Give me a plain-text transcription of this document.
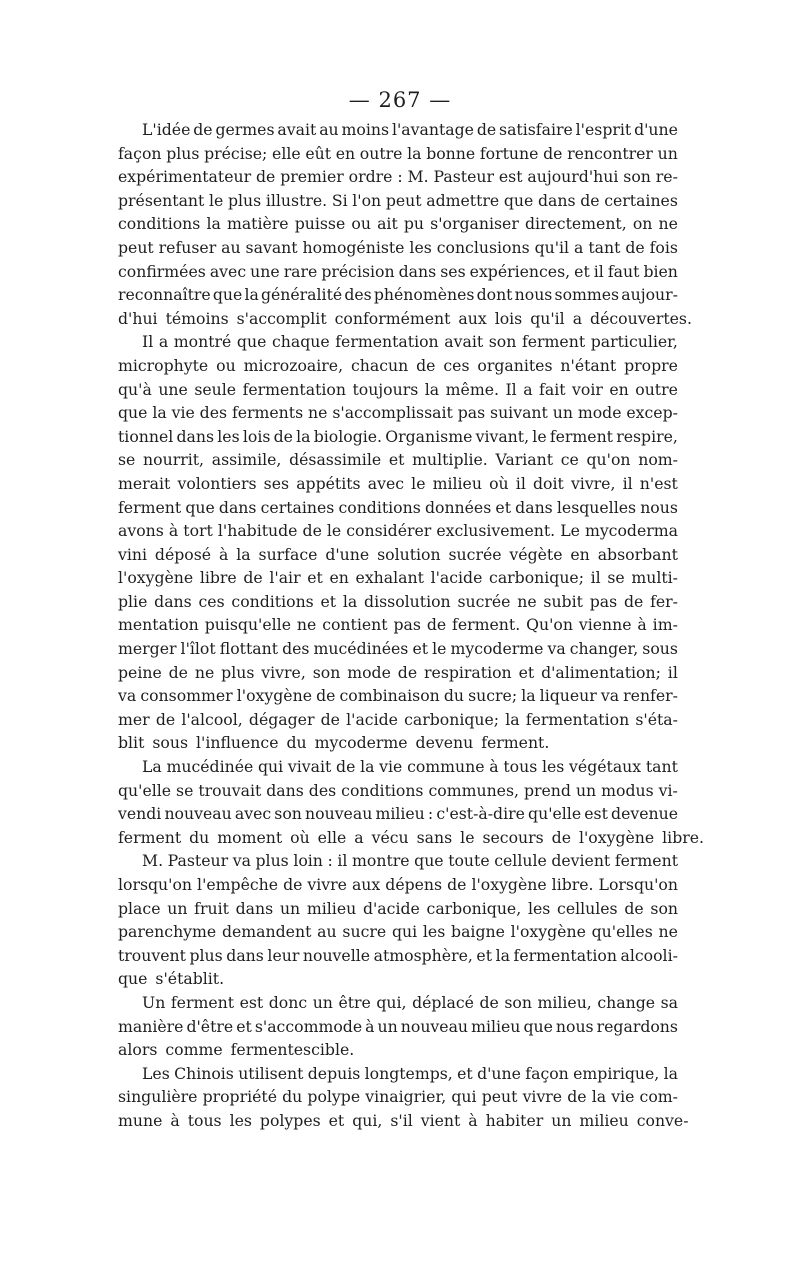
— 267 —
L'idée de germes avait au moins l'avantage de satisfaire l'esprit d'une
façon plus précise; elle eût en outre la bonne fortune de rencontrer un
expérimentateur de premier ordre : M. Pasteur est aujourd'hui son re-
présentant le plus illustre. Si l'on peut admettre que dans de certaines
conditions la matière puisse ou ait pu s'organiser directement, on ne
peut refuser au savant homogéniste les conclusions qu'il a tant de fois
confirmées avec une rare précision dans ses expériences, et il faut bien
reconnaître que la généralité des phénomènes dont nous sommes aujour-
d'hui témoins s'accomplit conformément aux lois qu'il a découvertes.
Il a montré que chaque fermentation avait son ferment particulier,
microphyte ou microzoaire, chacun de ces organites n'étant propre
qu'à une seule fermentation toujours la même. Il a fait voir en outre
que la vie des ferments ne s'accomplissait pas suivant un mode excep-
tionnel dans les lois de la biologie. Organisme vivant, le ferment respire,
se nourrit, assimile, désassimile et multiplie. Variant ce qu'on nom-
merait volontiers ses appétits avec le milieu où il doit vivre, il n'est
ferment que dans certaines conditions données et dans lesquelles nous
avons à tort l'habitude de le considérer exclusivement. Le mycoderma
vini déposé à la surface d'une solution sucrée végète en absorbant
l'oxygène libre de l'air et en exhalant l'acide carbonique; il se multi-
plie dans ces conditions et la dissolution sucrée ne subit pas de fer-
mentation puisqu'elle ne contient pas de ferment. Qu'on vienne à im-
merger l'îlot flottant des mucédinées et le mycoderme va changer, sous
peine de ne plus vivre, son mode de respiration et d'alimentation; il
va consommer l'oxygène de combinaison du sucre; la liqueur va renfer-
mer de l'alcool, dégager de l'acide carbonique; la fermentation s'éta-
blit sous l'influence du mycoderme devenu ferment.
La mucédinée qui vivait de la vie commune à tous les végétaux tant
qu'elle se trouvait dans des conditions communes, prend un modus vi-
vendi nouveau avec son nouveau milieu : c'est-à-dire qu'elle est devenue
ferment du moment où elle a vécu sans le secours de l'oxygène libre.
M. Pasteur va plus loin : il montre que toute cellule devient ferment
lorsqu'on l'empêche de vivre aux dépens de l'oxygène libre. Lorsqu'on
place un fruit dans un milieu d'acide carbonique, les cellules de son
parenchyme demandent au sucre qui les baigne l'oxygène qu'elles ne
trouvent plus dans leur nouvelle atmosphère, et la fermentation alcooli-
que s'établit.
Un ferment est donc un être qui, déplacé de son milieu, change sa
manière d'être et s'accommode à un nouveau milieu que nous regardons
alors comme fermentescible.
Les Chinois utilisent depuis longtemps, et d'une façon empirique, la
singulière propriété du polype vinaigrier, qui peut vivre de la vie com-
mune à tous les polypes et qui, s'il vient à habiter un milieu conve-
